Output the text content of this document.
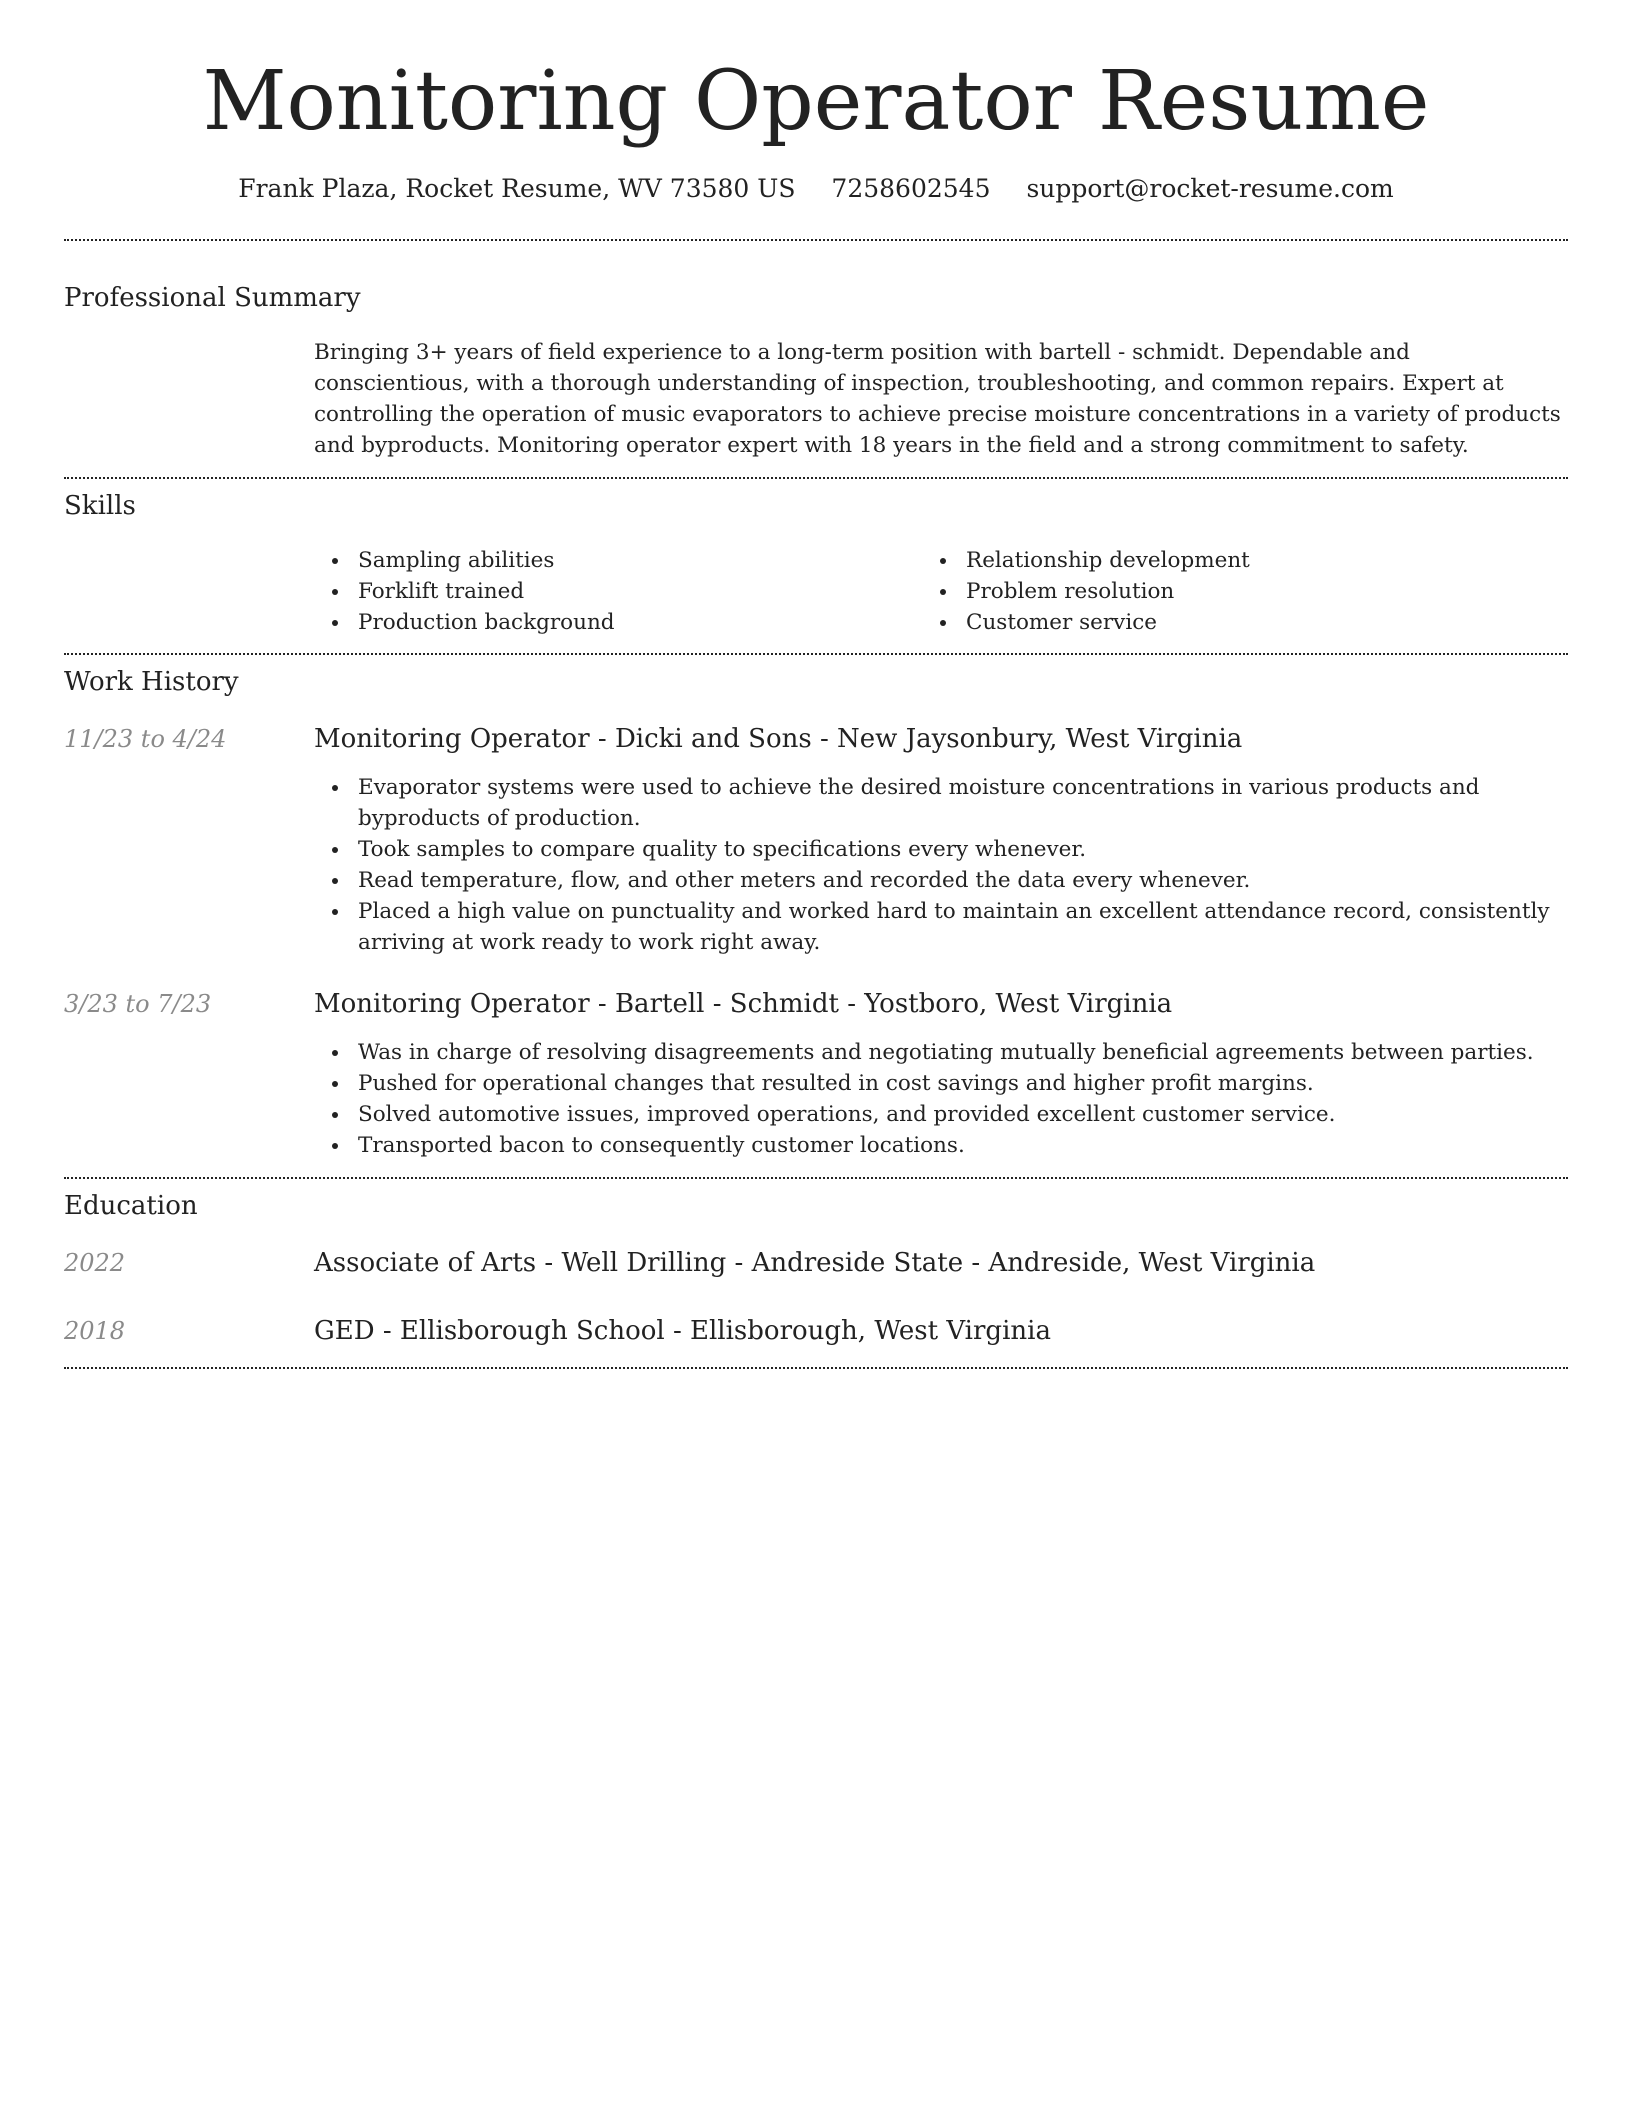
Monitoring Operator Resume
Frank Plaza, Rocket Resume, WV 73580 US 7258602545 support@rocket-resume.com
Professional Summary

Bringing 3+ years of field experience to a long-term position with bartell - schmidt. Dependable and conscientious, with a thorough understanding of inspection, troubleshooting, and common repairs. Expert at controlling the operation of music evaporators to achieve precise moisture concentrations in a variety of products and byproducts. Monitoring operator expert with 18 years in the field and a strong commitment to safety.

Skills
Sampling abilities
Forklift trained
Production background
Relationship development
Problem resolution
Customer service
Work History
11/23 to 4/24	Monitoring Operator - Dicki and Sons - New Jaysonbury, West Virginia
Evaporator systems were used to achieve the desired moisture concentrations in various products and byproducts of production.
Took samples to compare quality to specifications every whenever.
Read temperature, flow, and other meters and recorded the data every whenever.
Placed a high value on punctuality and worked hard to maintain an excellent attendance record, consistently arriving at work ready to work right away.
3/23 to 7/23	Monitoring Operator - Bartell - Schmidt - Yostboro, West Virginia
Was in charge of resolving disagreements and negotiating mutually beneficial agreements between parties.
Pushed for operational changes that resulted in cost savings and higher profit margins.
Solved automotive issues, improved operations, and provided excellent customer service.
Transported bacon to consequently customer locations.
Education
2022	Associate of Arts - Well Drilling - Andreside State - Andreside, West Virginia
2018	GED - Ellisborough School - Ellisborough, West Virginia
